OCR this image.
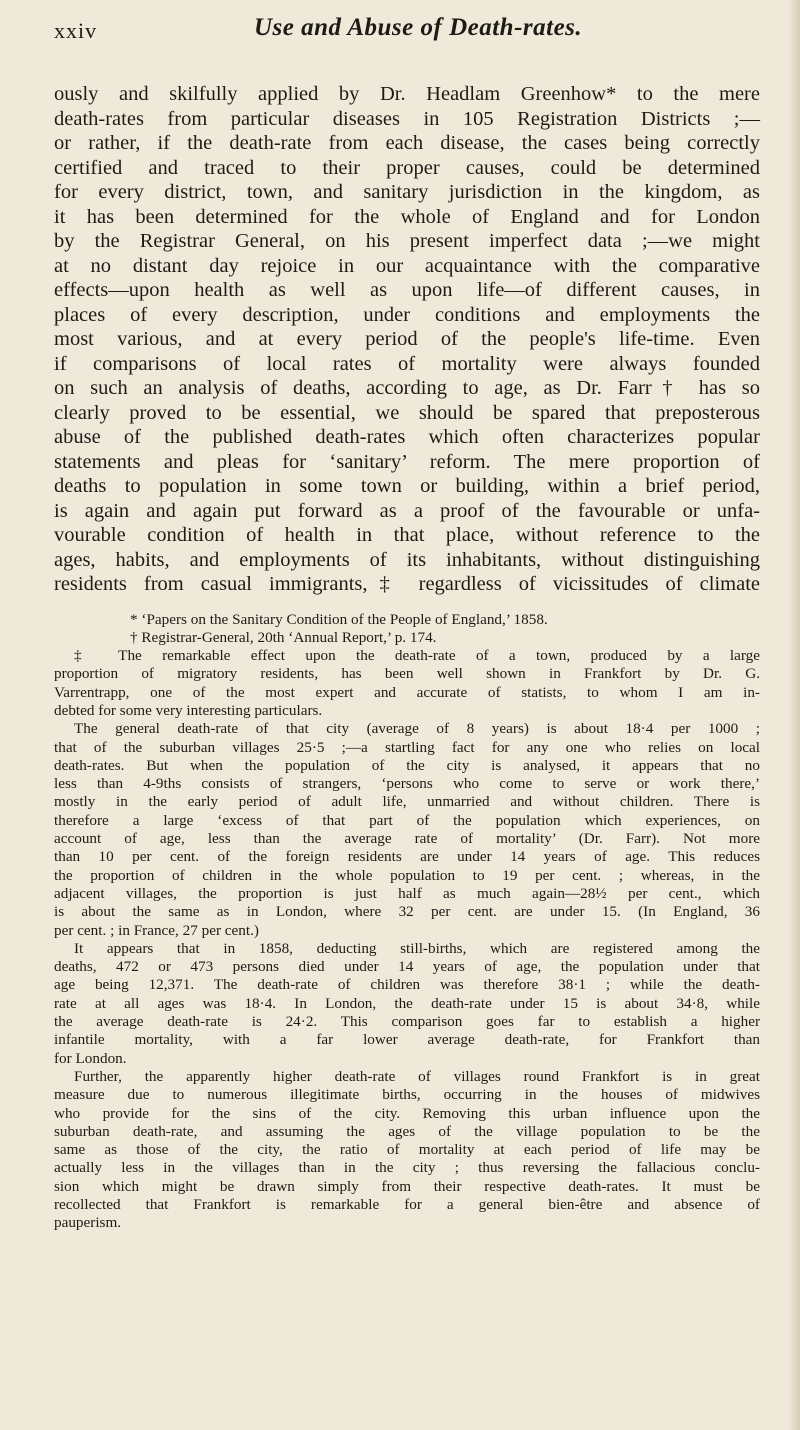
xxiv	Use and Abuse of Death-rates.
ously and skilfully applied by Dr. Headlam Greenhow* to the mere
death-rates from particular diseases in 105 Registration Districts ;—
or rather, if the death-rate from each disease, the cases being correctly
certified and traced to their proper causes, could be determined
for every district, town, and sanitary jurisdiction in the kingdom, as
it has been determined for the whole of England and for London
by the Registrar General, on his present imperfect data ;—we might
at no distant day rejoice in our acquaintance with the comparative
effects—upon health as well as upon life—of different causes, in
places of every description, under conditions and employments the
most various, and at every period of the people's life-time. Even
if comparisons of local rates of mortality were always founded
on such an analysis of deaths, according to age, as Dr. Farr† has so
clearly proved to be essential, we should be spared that preposterous
abuse of the published death-rates which often characterizes popular
statements and pleas for ‘sanitary’ reform. The mere proportion of
deaths to population in some town or building, within a brief period,
is again and again put forward as a proof of the favourable or unfa-
vourable condition of health in that place, without reference to the
ages, habits, and employments of its inhabitants, without distinguishing
residents from casual immigrants,‡ regardless of vicissitudes of climate
* ‘Papers on the Sanitary Condition of the People of England,’ 1858.
† Registrar-General, 20th ‘Annual Report,’ p. 174.
‡ The remarkable effect upon the death-rate of a town, produced by a large
proportion of migratory residents, has been well shown in Frankfort by Dr. G.
Varrentrapp, one of the most expert and accurate of statists, to whom I am in-
debted for some very interesting particulars.
The general death-rate of that city (average of 8 years) is about 18·4 per 1000 ;
that of the suburban villages 25·5 ;—a startling fact for any one who relies on local
death-rates. But when the population of the city is analysed, it appears that no
less than 4-9ths consists of strangers, ‘persons who come to serve or work there,’
mostly in the early period of adult life, unmarried and without children. There is
therefore a large ‘excess of that part of the population which experiences, on
account of age, less than the average rate of mortality’ (Dr. Farr). Not more
than 10 per cent. of the foreign residents are under 14 years of age. This reduces
the proportion of children in the whole population to 19 per cent. ; whereas, in the
adjacent villages, the proportion is just half as much again—28½ per cent., which
is about the same as in London, where 32 per cent. are under 15. (In England, 36
per cent. ; in France, 27 per cent.)
It appears that in 1858, deducting still-births, which are registered among the
deaths, 472 or 473 persons died under 14 years of age, the population under that
age being 12,371. The death-rate of children was therefore 38·1 ; while the death-
rate at all ages was 18·4. In London, the death-rate under 15 is about 34·8, while
the average death-rate is 24·2. This comparison goes far to establish a higher
infantile mortality, with a far lower average death-rate, for Frankfort than
for London.
Further, the apparently higher death-rate of villages round Frankfort is in great
measure due to numerous illegitimate births, occurring in the houses of midwives
who provide for the sins of the city. Removing this urban influence upon the
suburban death-rate, and assuming the ages of the village population to be the
same as those of the city, the ratio of mortality at each period of life may be
actually less in the villages than in the city ; thus reversing the fallacious conclu-
sion which might be drawn simply from their respective death-rates. It must be
recollected that Frankfort is remarkable for a general bien-être and absence of
pauperism.
